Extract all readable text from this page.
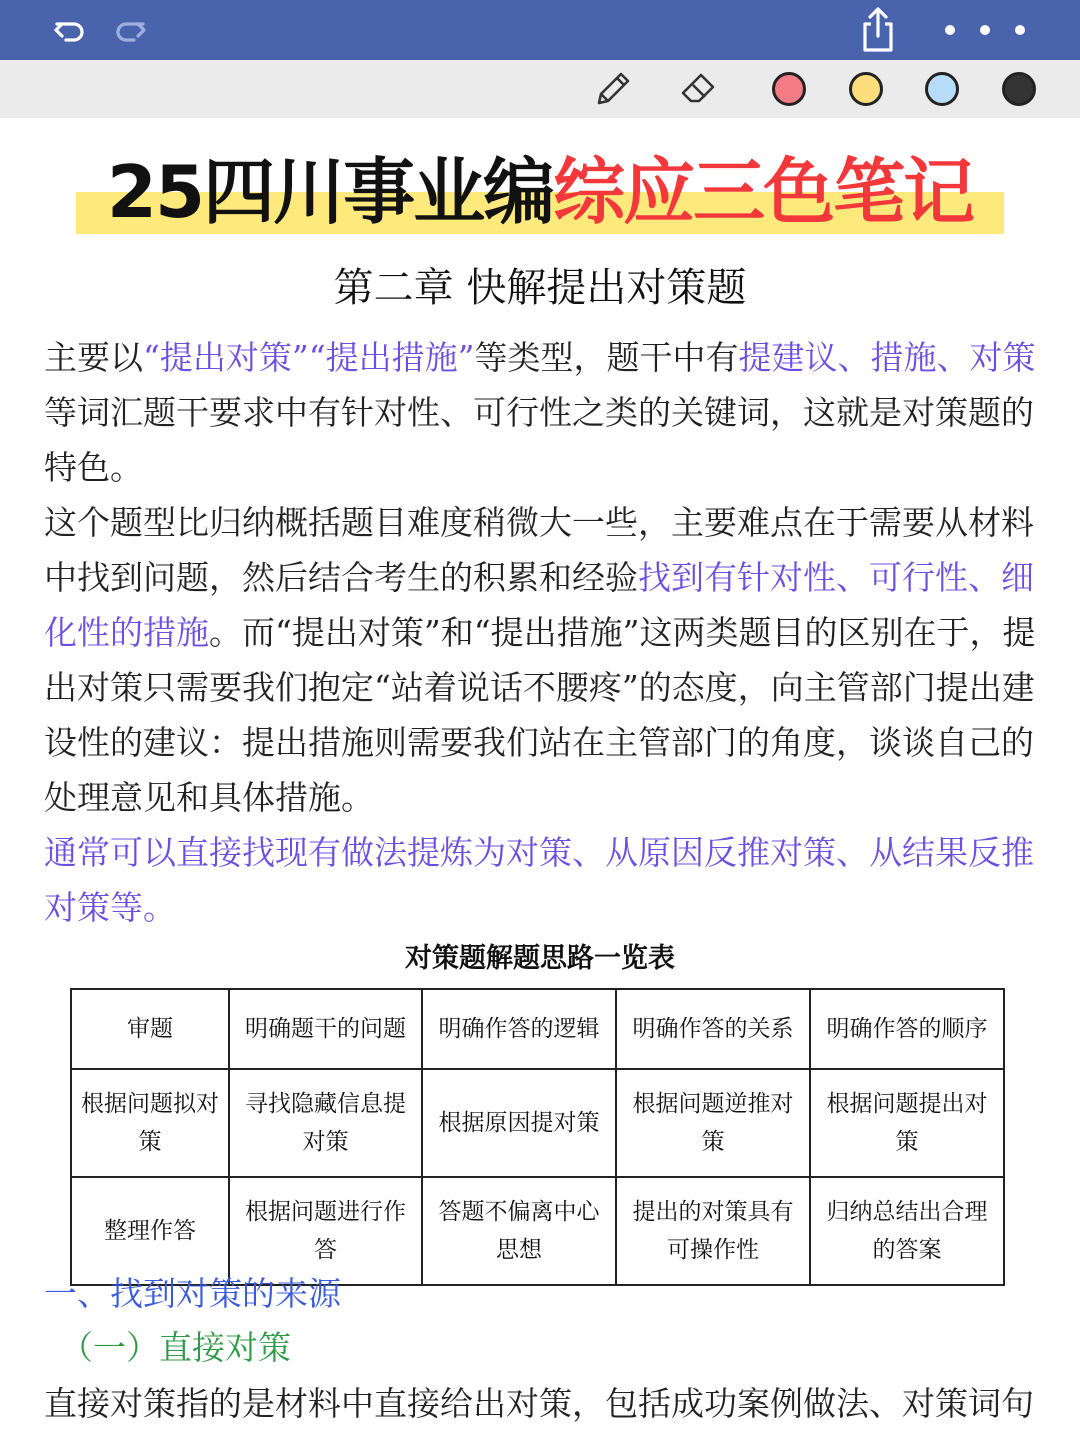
25四川事业编综应三色笔记
第二章 快解提出对策题
主要以“提出对策”“提出措施”等类型，题干中有提建议、措施、对策等词汇题干要求中有针对性、可行性之类的关键词，这就是对策题的特色。
这个题型比归纳概括题目难度稍微大一些，主要难点在于需要从材料中找到问题，然后结合考生的积累和经验找到有针对性、可行性、细化性的措施。而“提出对策”和“提出措施”这两类题目的区别在于，提出对策只需要我们抱定“站着说话不腰疼”的态度，向主管部门提出建设性的建议：提出措施则需要我们站在主管部门的角度，谈谈自己的处理意见和具体措施。
通常可以直接找现有做法提炼为对策、从原因反推对策、从结果反推对策等。
对策题解题思路一览表
审题	明确题干的问题	明确作答的逻辑	明确作答的关系	明确作答的顺序
根据问题拟对策	寻找隐藏信息提对策	根据原因提对策	根据问题逆推对策	根据问题提出对策
整理作答	根据问题进行作答	答题不偏离中心思想	提出的对策具有可操作性	归纳总结出合理的答案
一、找到对策的来源
（一）直接对策
直接对策指的是材料中直接给出对策，包括成功案例做法、对策词句
